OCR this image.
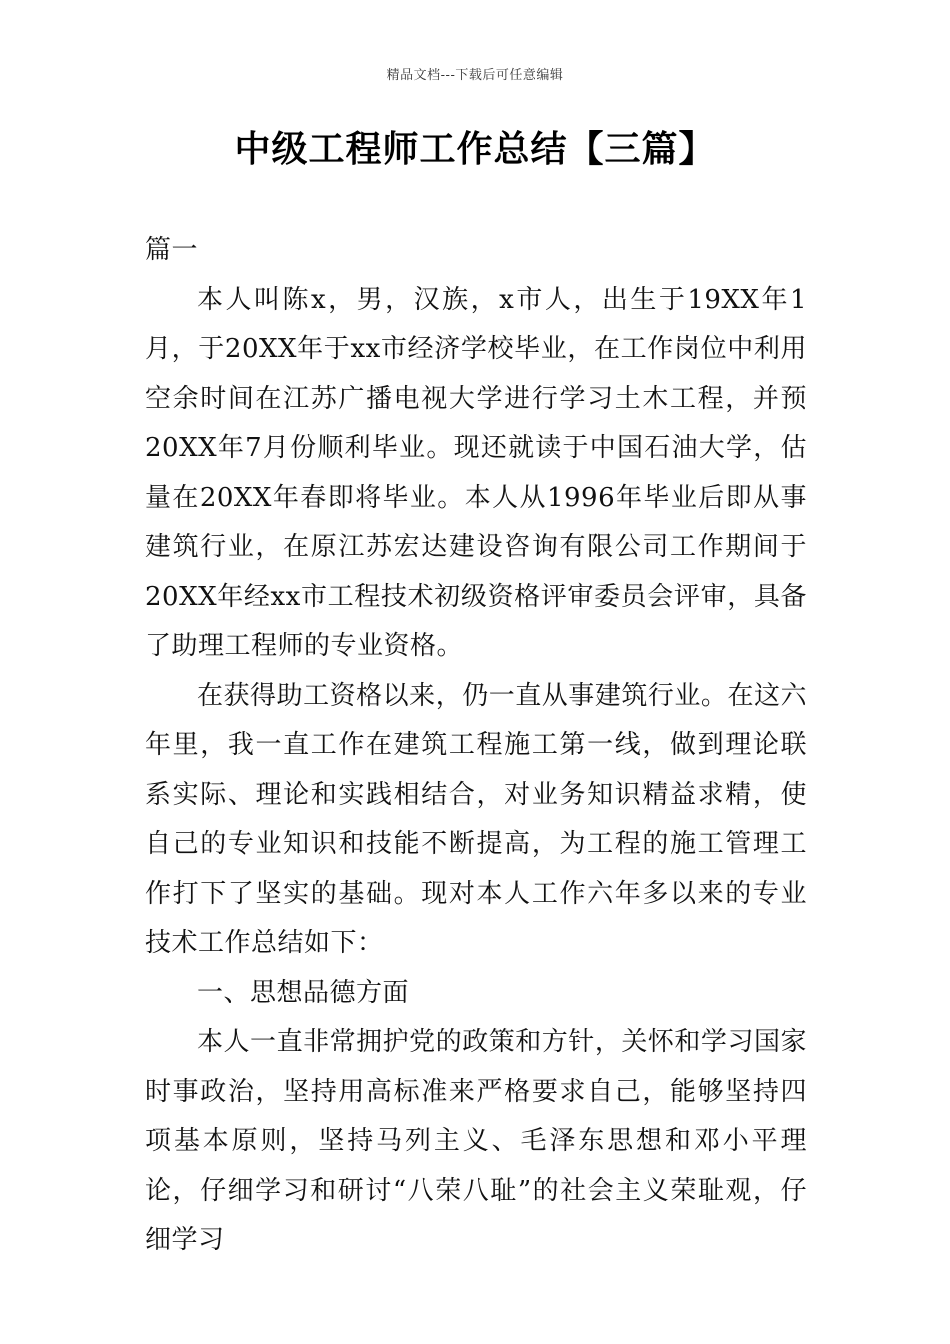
精品文档---下载后可任意编辑
中级工程师工作总结【三篇】

篇一

本人叫陈x，男，汉族，x市人，出生于19XX年1月，于20XX年于xx市经济学校毕业，在工作岗位中利用空余时间在江苏广播电视大学进行学习土木工程，并预20XX年7月份顺利毕业。现还就读于中国石油大学，估量在20XX年春即将毕业。本人从1996年毕业后即从事建筑行业，在原江苏宏达建设咨询有限公司工作期间于20XX年经xx市工程技术初级资格评审委员会评审，具备了助理工程师的专业资格。

在获得助工资格以来，仍一直从事建筑行业。在这六年里，我一直工作在建筑工程施工第一线，做到理论联系实际、理论和实践相结合，对业务知识精益求精，使自己的专业知识和技能不断提高，为工程的施工管理工作打下了坚实的基础。现对本人工作六年多以来的专业技术工作总结如下：

一、思想品德方面

本人一直非常拥护党的政策和方针，关怀和学习国家时事政治，坚持用高标准来严格要求自己，能够坚持四项基本原则，坚持马列主义、毛泽东思想和邓小平理论，仔细学习和研讨“八荣八耻”的社会主义荣耻观，仔细学习
